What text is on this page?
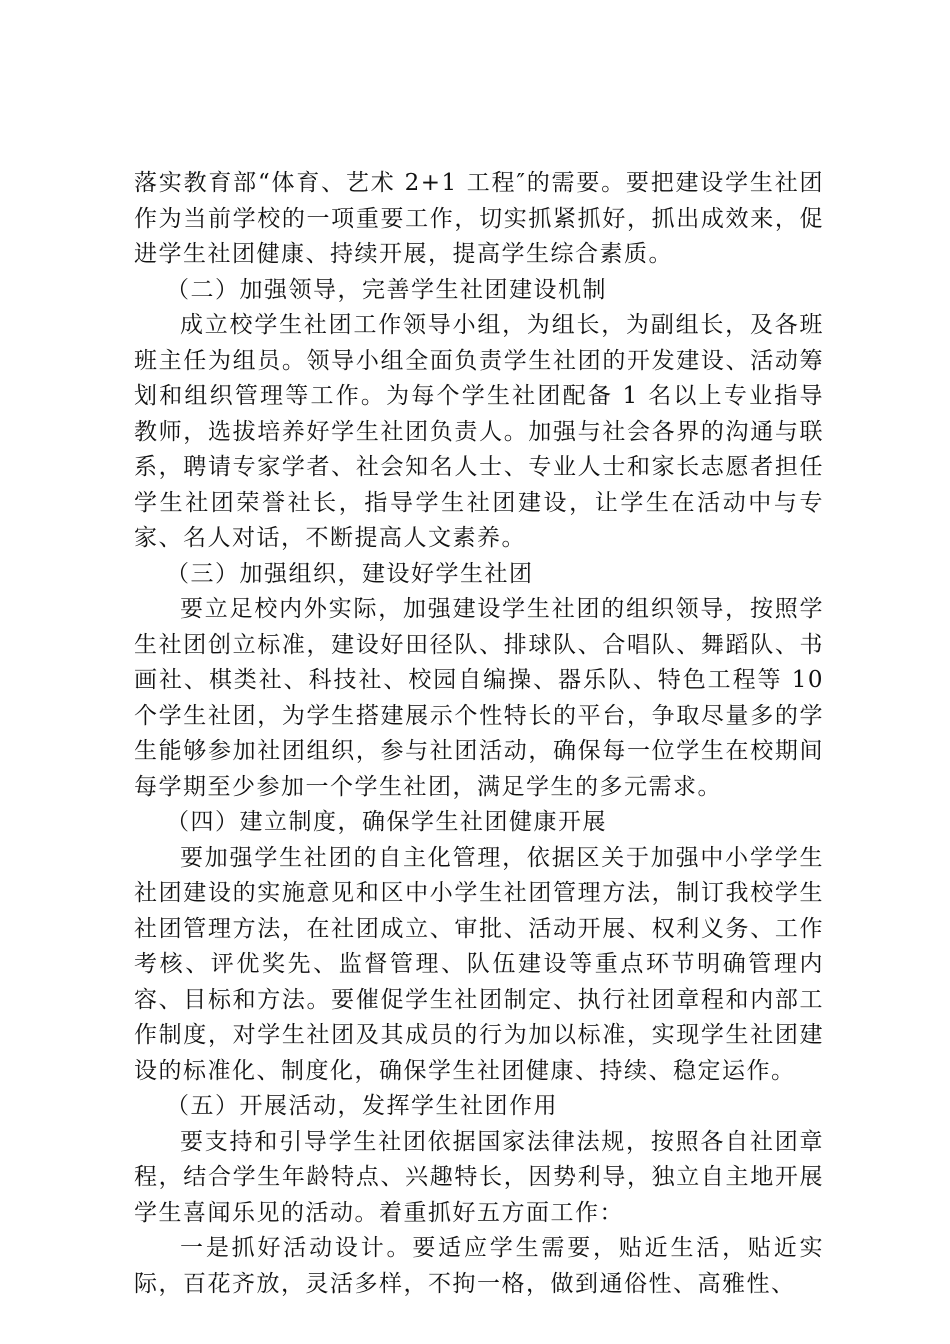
落实教育部“体育、艺术 2+1 工程″的需要。要把建设学生社团作为当前学校的一项重要工作，切实抓紧抓好，抓出成效来，促进学生社团健康、持续开展，提高学生综合素质。

（二）加强领导，完善学生社团建设机制

成立校学生社团工作领导小组，为组长，为副组长，及各班班主任为组员。领导小组全面负责学生社团的开发建设、活动筹划和组织管理等工作。为每个学生社团配备 1 名以上专业指导教师，选拔培养好学生社团负责人。加强与社会各界的沟通与联系，聘请专家学者、社会知名人士、专业人士和家长志愿者担任学生社团荣誉社长，指导学生社团建设，让学生在活动中与专家、名人对话，不断提高人文素养。

（三）加强组织，建设好学生社团

要立足校内外实际，加强建设学生社团的组织领导，按照学生社团创立标准，建设好田径队、排球队、合唱队、舞蹈队、书画社、棋类社、科技社、校园自编操、器乐队、特色工程等 10 个学生社团，为学生搭建展示个性特长的平台，争取尽量多的学生能够参加社团组织，参与社团活动，确保每一位学生在校期间每学期至少参加一个学生社团，满足学生的多元需求。

（四）建立制度，确保学生社团健康开展

要加强学生社团的自主化管理，依据区关于加强中小学学生社团建设的实施意见和区中小学生社团管理方法，制订我校学生社团管理方法，在社团成立、审批、活动开展、权利义务、工作考核、评优奖先、监督管理、队伍建设等重点环节明确管理内容、目标和方法。要催促学生社团制定、执行社团章程和内部工作制度，对学生社团及其成员的行为加以标准，实现学生社团建设的标准化、制度化，确保学生社团健康、持续、稳定运作。

（五）开展活动，发挥学生社团作用

要支持和引导学生社团依据国家法律法规，按照各自社团章程，结合学生年龄特点、兴趣特长，因势利导，独立自主地开展学生喜闻乐见的活动。着重抓好五方面工作：

一是抓好活动设计。要适应学生需要，贴近生活，贴近实际，百花齐放，灵活多样，不拘一格，做到通俗性、高雅性、
